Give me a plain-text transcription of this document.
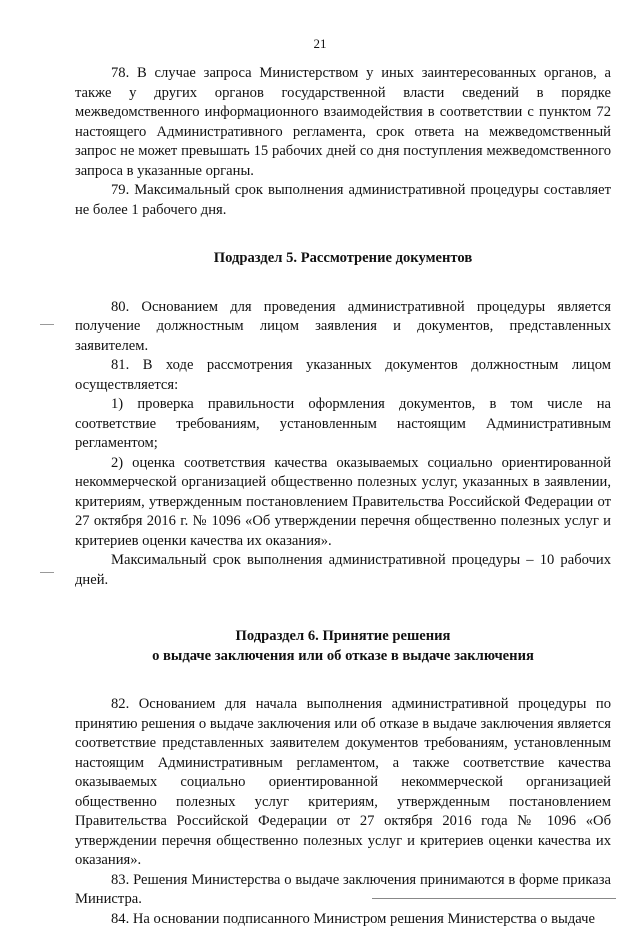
21

78. В случае запроса Министерством у иных заинтересованных органов, а также у других органов государственной власти сведений в порядке межведомственного информационного взаимодействия в соответствии с пунктом 72 настоящего Административного регламента, срок ответа на межведомственный запрос не может превышать 15 рабочих дней со дня поступления межведомственного запроса в указанные органы.

79. Максимальный срок выполнения административной процедуры составляет не более 1 рабочего дня.

Подраздел 5. Рассмотрение документов

80. Основанием для проведения административной процедуры является получение должностным лицом заявления и документов, представленных заявителем.

81. В ходе рассмотрения указанных документов должностным лицом осуществляется:

1) проверка правильности оформления документов, в том числе на соответствие требованиям, установленным настоящим Административным регламентом;

2) оценка соответствия качества оказываемых социально ориентированной некоммерческой организацией общественно полезных услуг, указанных в заявлении, критериям, утвержденным постановлением Правительства Российской Федерации от 27 октября 2016 г. № 1096 «Об утверждении перечня общественно полезных услуг и критериев оценки качества их оказания».

Максимальный срок выполнения административной процедуры – 10 рабочих дней.

Подраздел 6. Принятие решения

о выдаче заключения или об отказе в выдаче заключения

82. Основанием для начала выполнения административной процедуры по принятию решения о выдаче заключения или об отказе в выдаче заключения является соответствие представленных заявителем документов требованиям, установленным настоящим Административным регламентом, а также соответствие качества оказываемых социально ориентированной некоммерческой организацией общественно полезных услуг критериям, утвержденным постановлением Правительства Российской Федерации от 27 октября 2016 года № 1096 «Об утверждении перечня общественно полезных услуг и критериев оценки качества их оказания».

83. Решения Министерства о выдаче заключения принимаются в форме приказа Министра.

84. На основании подписанного Министром решения Министерства о выдаче
